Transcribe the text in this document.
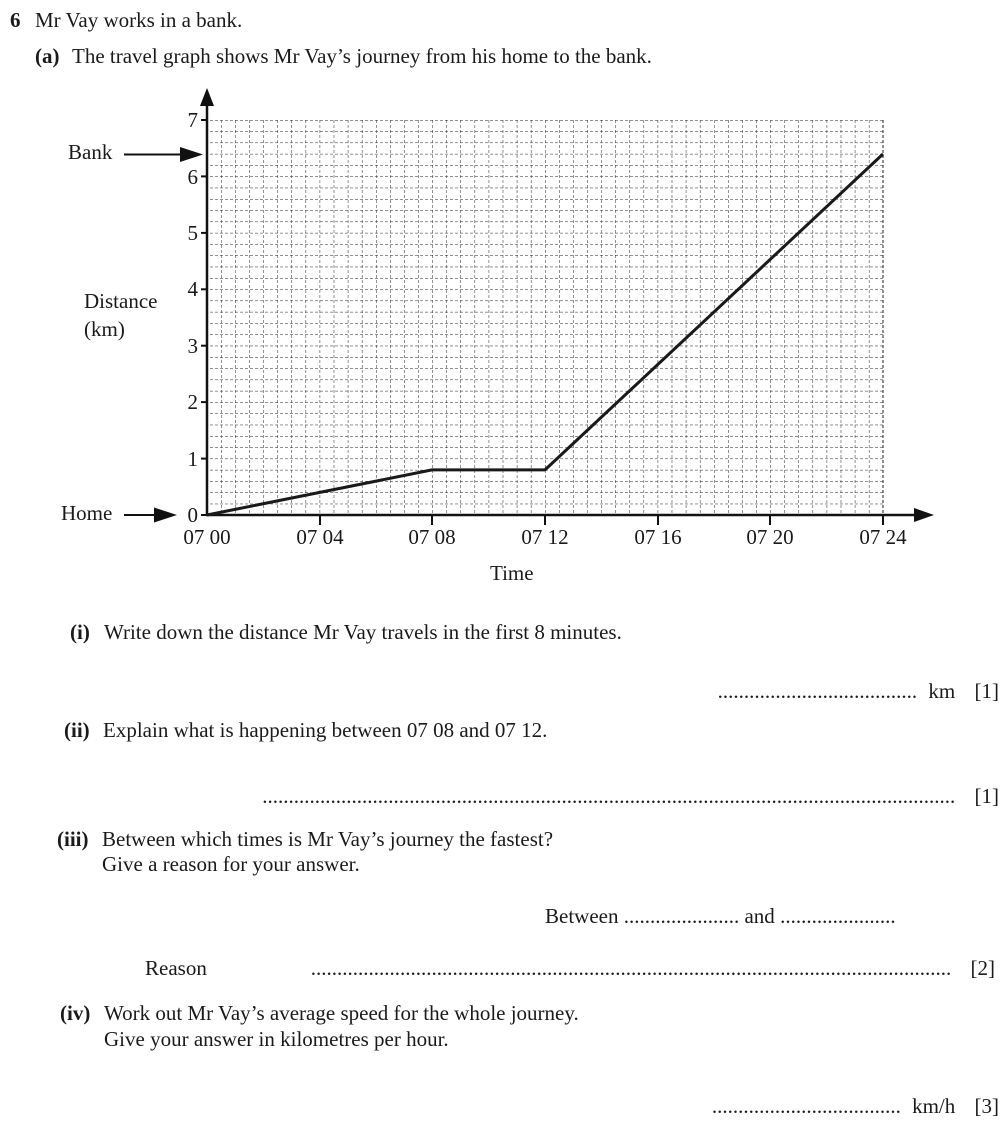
6 Mr Vay works in a bank.
(a) The travel graph shows Mr Vay’s journey from his home to the bank.
0
1
2
3
4
5
6
7
07 00	07 04	07 08	07 12	07 16	07 20	07 24
Distance
(km)
Time
Bank
Home
(i) Write down the distance Mr Vay travels in the first 8 minutes.
...................................... km [1]
(ii) Explain what is happening between 07 08 and 07 12.
.................................................................................................................................... [1]
(iii) Between which times is Mr Vay’s journey the fastest?
Give a reason for your answer.
Between ...................... and ......................
Reason	.......................................................................................................................... [2]
(iv) Work out Mr Vay’s average speed for the whole journey.
Give your answer in kilometres per hour.
.................................... km/h [3]
